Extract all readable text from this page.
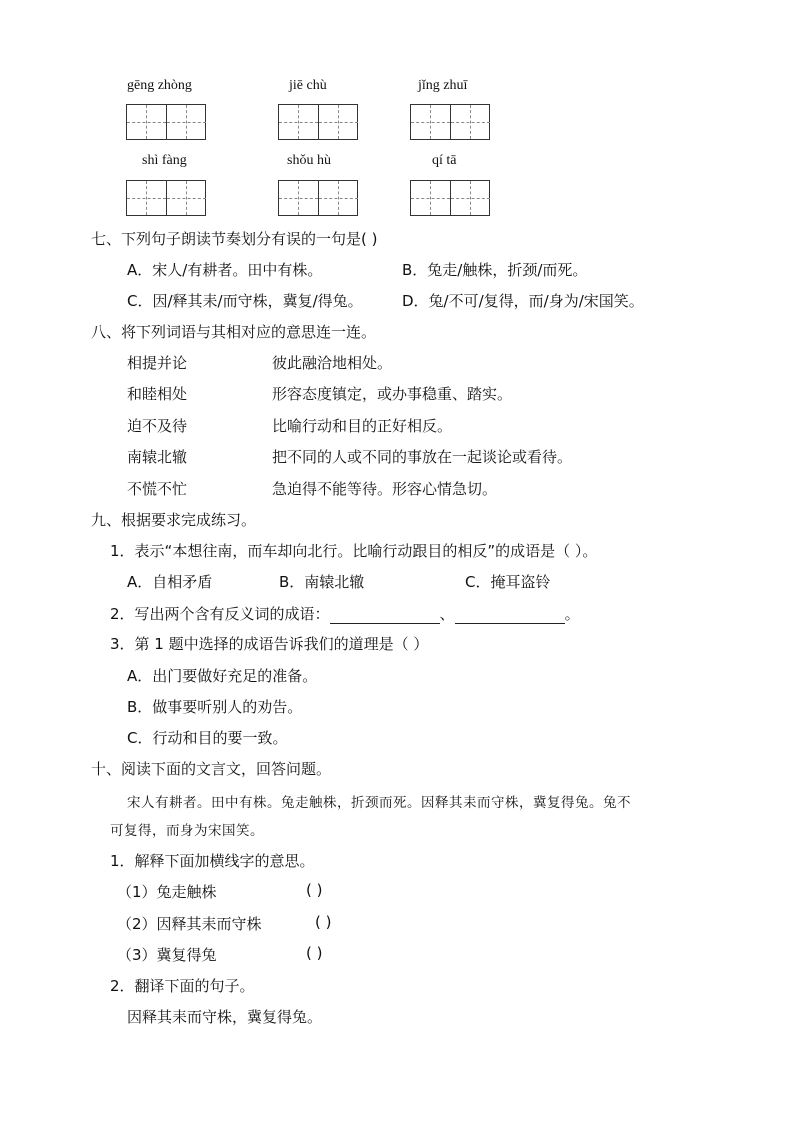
gēng zhòng	jiē chù	jǐng zhuī
shì fàng	shǒu hù	qí tā
七、下列句子朗读节奏划分有误的一句是( )
A．宋人/有耕者。田中有株。	B．兔走/触株，折颈/而死。
C．因/释其耒/而守株，冀复/得兔。	D．兔/不可/复得，而/身为/宋国笑。
八、将下列词语与其相对应的意思连一连。
相提并论	彼此融洽地相处。
和睦相处	形容态度镇定，或办事稳重、踏实。
迫不及待	比喻行动和目的正好相反。
南辕北辙	把不同的人或不同的事放在一起谈论或看待。
不慌不忙	急迫得不能等待。形容心情急切。
九、根据要求完成练习。
1．表示“本想往南，而车却向北行。比喻行动跟目的相反”的成语是（ ）。
A．自相矛盾	B．南辕北辙	C．掩耳盗铃
2．写出两个含有反义词的成语：	、	。
3．第 1 题中选择的成语告诉我们的道理是（ ）
A．出门要做好充足的准备。
B．做事要听别人的劝告。
C．行动和目的要一致。
十、阅读下面的文言文，回答问题。
宋人有耕者。田中有株。兔走触株，折颈而死。因释其耒而守株，冀复得兔。兔不
可复得，而身为宋国笑。
1．解释下面加横线字的意思。
（1）兔走触株	( )
（2）因释其耒而守株	( )
（3）冀复得兔	( )
2．翻译下面的句子。
因释其耒而守株，冀复得兔。
